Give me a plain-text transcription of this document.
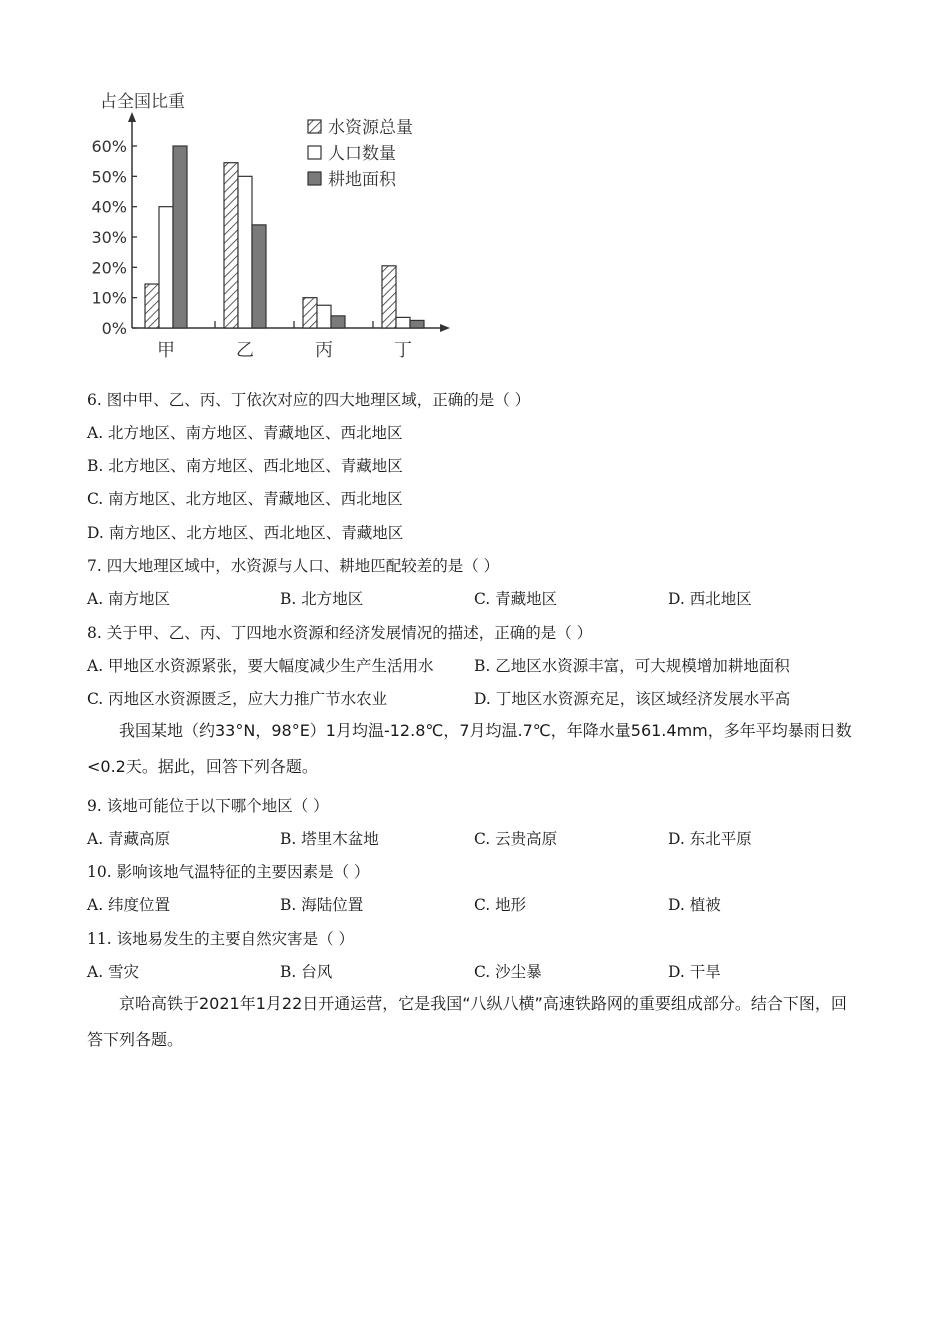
占全国比重
0%
10%
20%
30%
40%
50%
60%
甲	乙	丙	丁
水资源总量
人口数量
耕地面积
6. 图中甲、乙、丙、丁依次对应的四大地理区域，正确的是（ ）
A. 北方地区、南方地区、青藏地区、西北地区
B. 北方地区、南方地区、西北地区、青藏地区
C. 南方地区、北方地区、青藏地区、西北地区
D. 南方地区、北方地区、西北地区、青藏地区
7. 四大地理区域中，水资源与人口、耕地匹配较差的是（ ）
A. 南方地区	B. 北方地区	C. 青藏地区	D. 西北地区
8. 关于甲、乙、丙、丁四地水资源和经济发展情况的描述，正确的是（ ）
A. 甲地区水资源紧张，要大幅度减少生产生活用水	B. 乙地区水资源丰富，可大规模增加耕地面积
C. 丙地区水资源匮乏，应大力推广节水农业	D. 丁地区水资源充足，该区域经济发展水平高
我国某地（约33°N，98°E）1月均温-12.8℃，7月均温.7℃，年降水量561.4mm，多年平均暴雨日数<0.2天。据此，回答下列各题。
9. 该地可能位于以下哪个地区（ ）
A. 青藏高原	B. 塔里木盆地	C. 云贵高原	D. 东北平原
10. 影响该地气温特征的主要因素是（ ）
A. 纬度位置	B. 海陆位置	C. 地形	D. 植被
11. 该地易发生的主要自然灾害是（ ）
A. 雪灾	B. 台风	C. 沙尘暴	D. 干旱
京哈高铁于2021年1月22日开通运营，它是我国“八纵八横”高速铁路网的重要组成部分。结合下图，回答下列各题。
